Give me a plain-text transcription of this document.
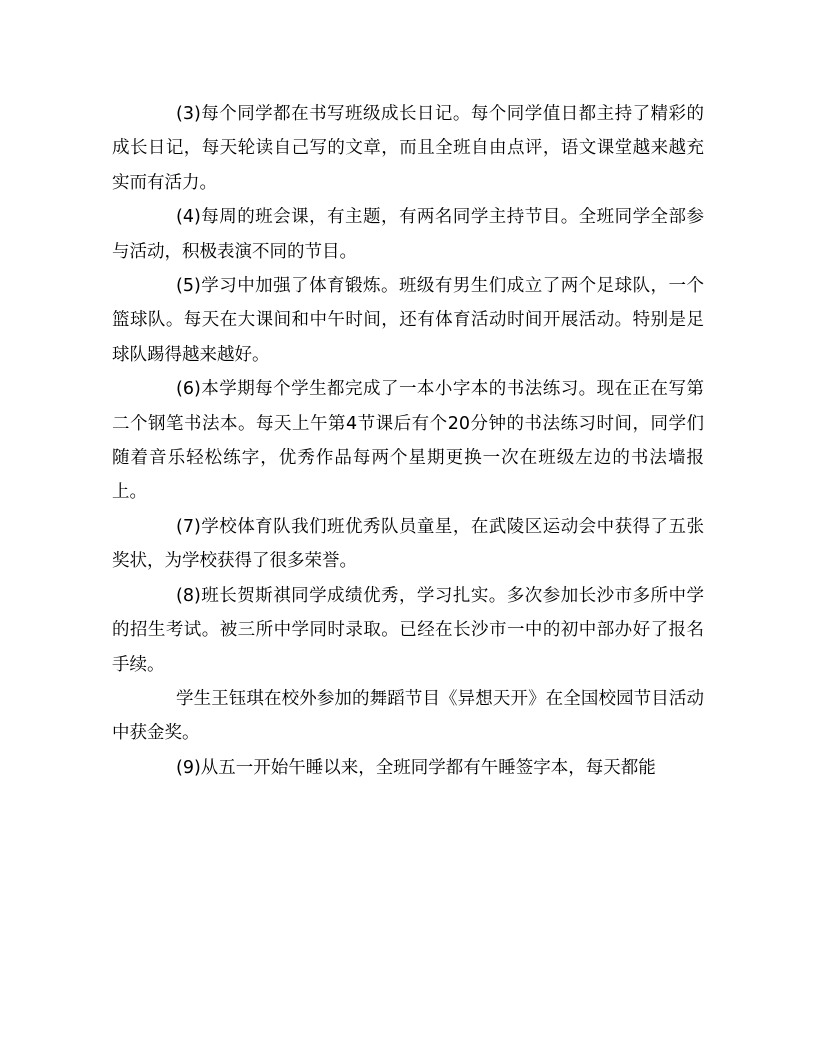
(3)每个同学都在书写班级成长日记。每个同学值日都主持了精彩的成长日记，每天轮读自己写的文章，而且全班自由点评，语文课堂越来越充实而有活力。

(4)每周的班会课，有主题，有两名同学主持节目。全班同学全部参与活动，积极表演不同的节目。

(5)学习中加强了体育锻炼。班级有男生们成立了两个足球队，一个篮球队。每天在大课间和中午时间，还有体育活动时间开展活动。特别是足球队踢得越来越好。

(6)本学期每个学生都完成了一本小字本的书法练习。现在正在写第二个钢笔书法本。每天上午第4节课后有个20分钟的书法练习时间，同学们随着音乐轻松练字，优秀作品每两个星期更换一次在班级左边的书法墙报上。

(7)学校体育队我们班优秀队员童星，在武陵区运动会中获得了五张奖状，为学校获得了很多荣誉。

(8)班长贺斯祺同学成绩优秀，学习扎实。多次参加长沙市多所中学的招生考试。被三所中学同时录取。已经在长沙市一中的初中部办好了报名手续。

学生王钰琪在校外参加的舞蹈节目《异想天开》在全国校园节目活动中获金奖。

(9)从五一开始午睡以来，全班同学都有午睡签字本，每天都能
